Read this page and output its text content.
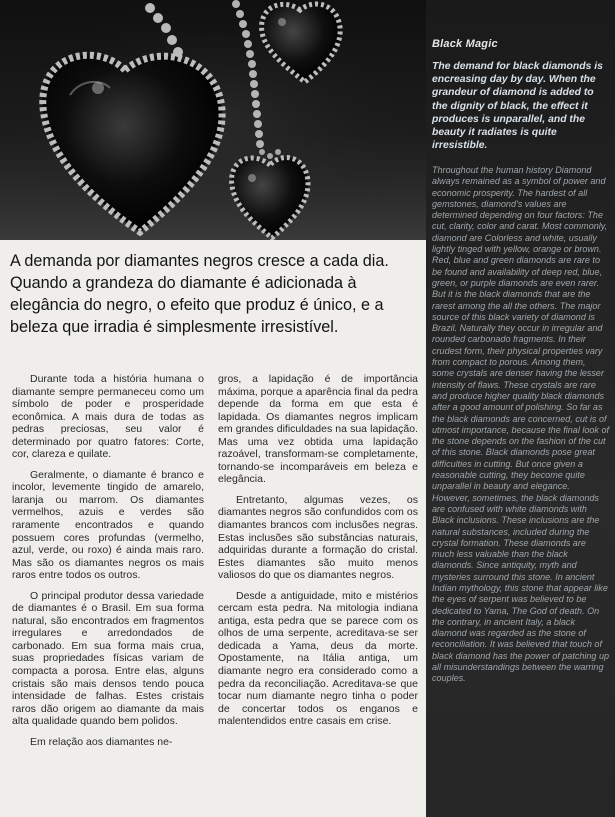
Black Magic
The demand for black diamonds is encreasing day by day. When the grandeur of diamond is added to the dignity of black, the effect it produces is unparallel, and the beauty it radiates is quite irresistible.

Throughout the human history Diamond always remained as a symbol of power and economic prosperity. The hardest of all gemstones, diamond's values are determined depending on four factors: The cut, clarity, color and carat. Most commonly, diamond are Colorless and white, usually lightly tinged with yellow, orange or brown. Red, blue and green diamonds are rare to be found and availability of deep red, blue, green, or purple diamonds are even rarer. But it is the black diamonds that are the rarest among the all the others. The major source of this black variety of diamond is Brazil. Naturally they occur in irregular and rounded carbonado fragments. In their crudest form, their physical properties vary from compact to porous. Among them, some crystals are denser having the lesser intensity of flaws. These crystals are rare and produce higher quality black diamonds after a good amount of polishing. So far as the black diamonds are concerned, cut is of utmost importance, because the final look of the stone depends on the fashion of the cut of this stone. Black diamonds pose great difficulties in cutting. But once given a reasonable cutting, they become quite unparallel in beauty and elegance. However, sometimes, the black diamonds are confused with white diamonds with Black inclusions. These inclusions are the natural substances, included during the crystal formation. These diamonds are much less valuable than the black diamonds. Since antiquity, myth and mysteries surround this stone. In ancient Indian mythology, this stone that appear like the eyes of serpent was believed to be dedicated to Yama, The God of death. On the contrary, in ancient Italy, a black diamond was regarded as the stone of reconciliation. It was believed that touch of black diamond has the power of patching up all misunderstandings between the warring couples.

A demanda por diamantes negros cresce a cada dia. Quando a grandeza do diamante é adicionada à elegância do negro, o efeito que produz é único, e a beleza que irradia é simplesmente irresistível.

Durante toda a história humana o diamante sempre permaneceu como um símbolo de poder e prosperidade econômica. A mais dura de todas as pedras preciosas, seu valor é determinado por quatro fatores: Corte, cor, clareza e quilate.

Geralmente, o diamante é branco e incolor, levemente tingido de amarelo, laranja ou marrom. Os diamantes vermelhos, azuis e verdes são raramente encontrados e quando possuem cores profundas (vermelho, azul, verde, ou roxo) é ainda mais raro. Mas são os diamantes negros os mais raros entre todos os outros.

O principal produtor dessa variedade de diamantes é o Brasil. Em sua forma natural, são encontrados em fragmentos irregulares e arredondados de carbonado. Em sua forma mais crua, suas propriedades físicas variam de compacta a porosa. Entre elas, alguns cristais são mais densos tendo pouca intensidade de falhas. Estes cristais raros dão origem ao diamante da mais alta qualidade quando bem polidos.

Em relação aos diamantes ne-

gros, a lapidação é de importância máxima, porque a aparência final da pedra depende da forma em que esta é lapidada. Os diamantes negros implicam em grandes dificuldades na sua lapidação. Mas uma vez obtida uma lapidação razoável, transformam-se completamente, tornando-se incomparáveis em beleza e elegância.

Entretanto, algumas vezes, os diamantes negros são confundidos com os diamantes brancos com inclusões negras. Estas inclusões são substâncias naturais, adquiridas durante a formação do cristal. Estes diamantes são muito menos valiosos do que os diamantes negros.

Desde a antiguidade, mito e mistérios cercam esta pedra. Na mitologia indiana antiga, esta pedra que se parece com os olhos de uma serpente, acreditava-se ser dedicada a Yama, deus da morte. Opostamente, na Itália antiga, um diamante negro era considerado como a pedra da reconciliação. Acreditava-se que tocar num diamante negro tinha o poder de concertar todos os enganos e malentendidos entre casais em crise.
